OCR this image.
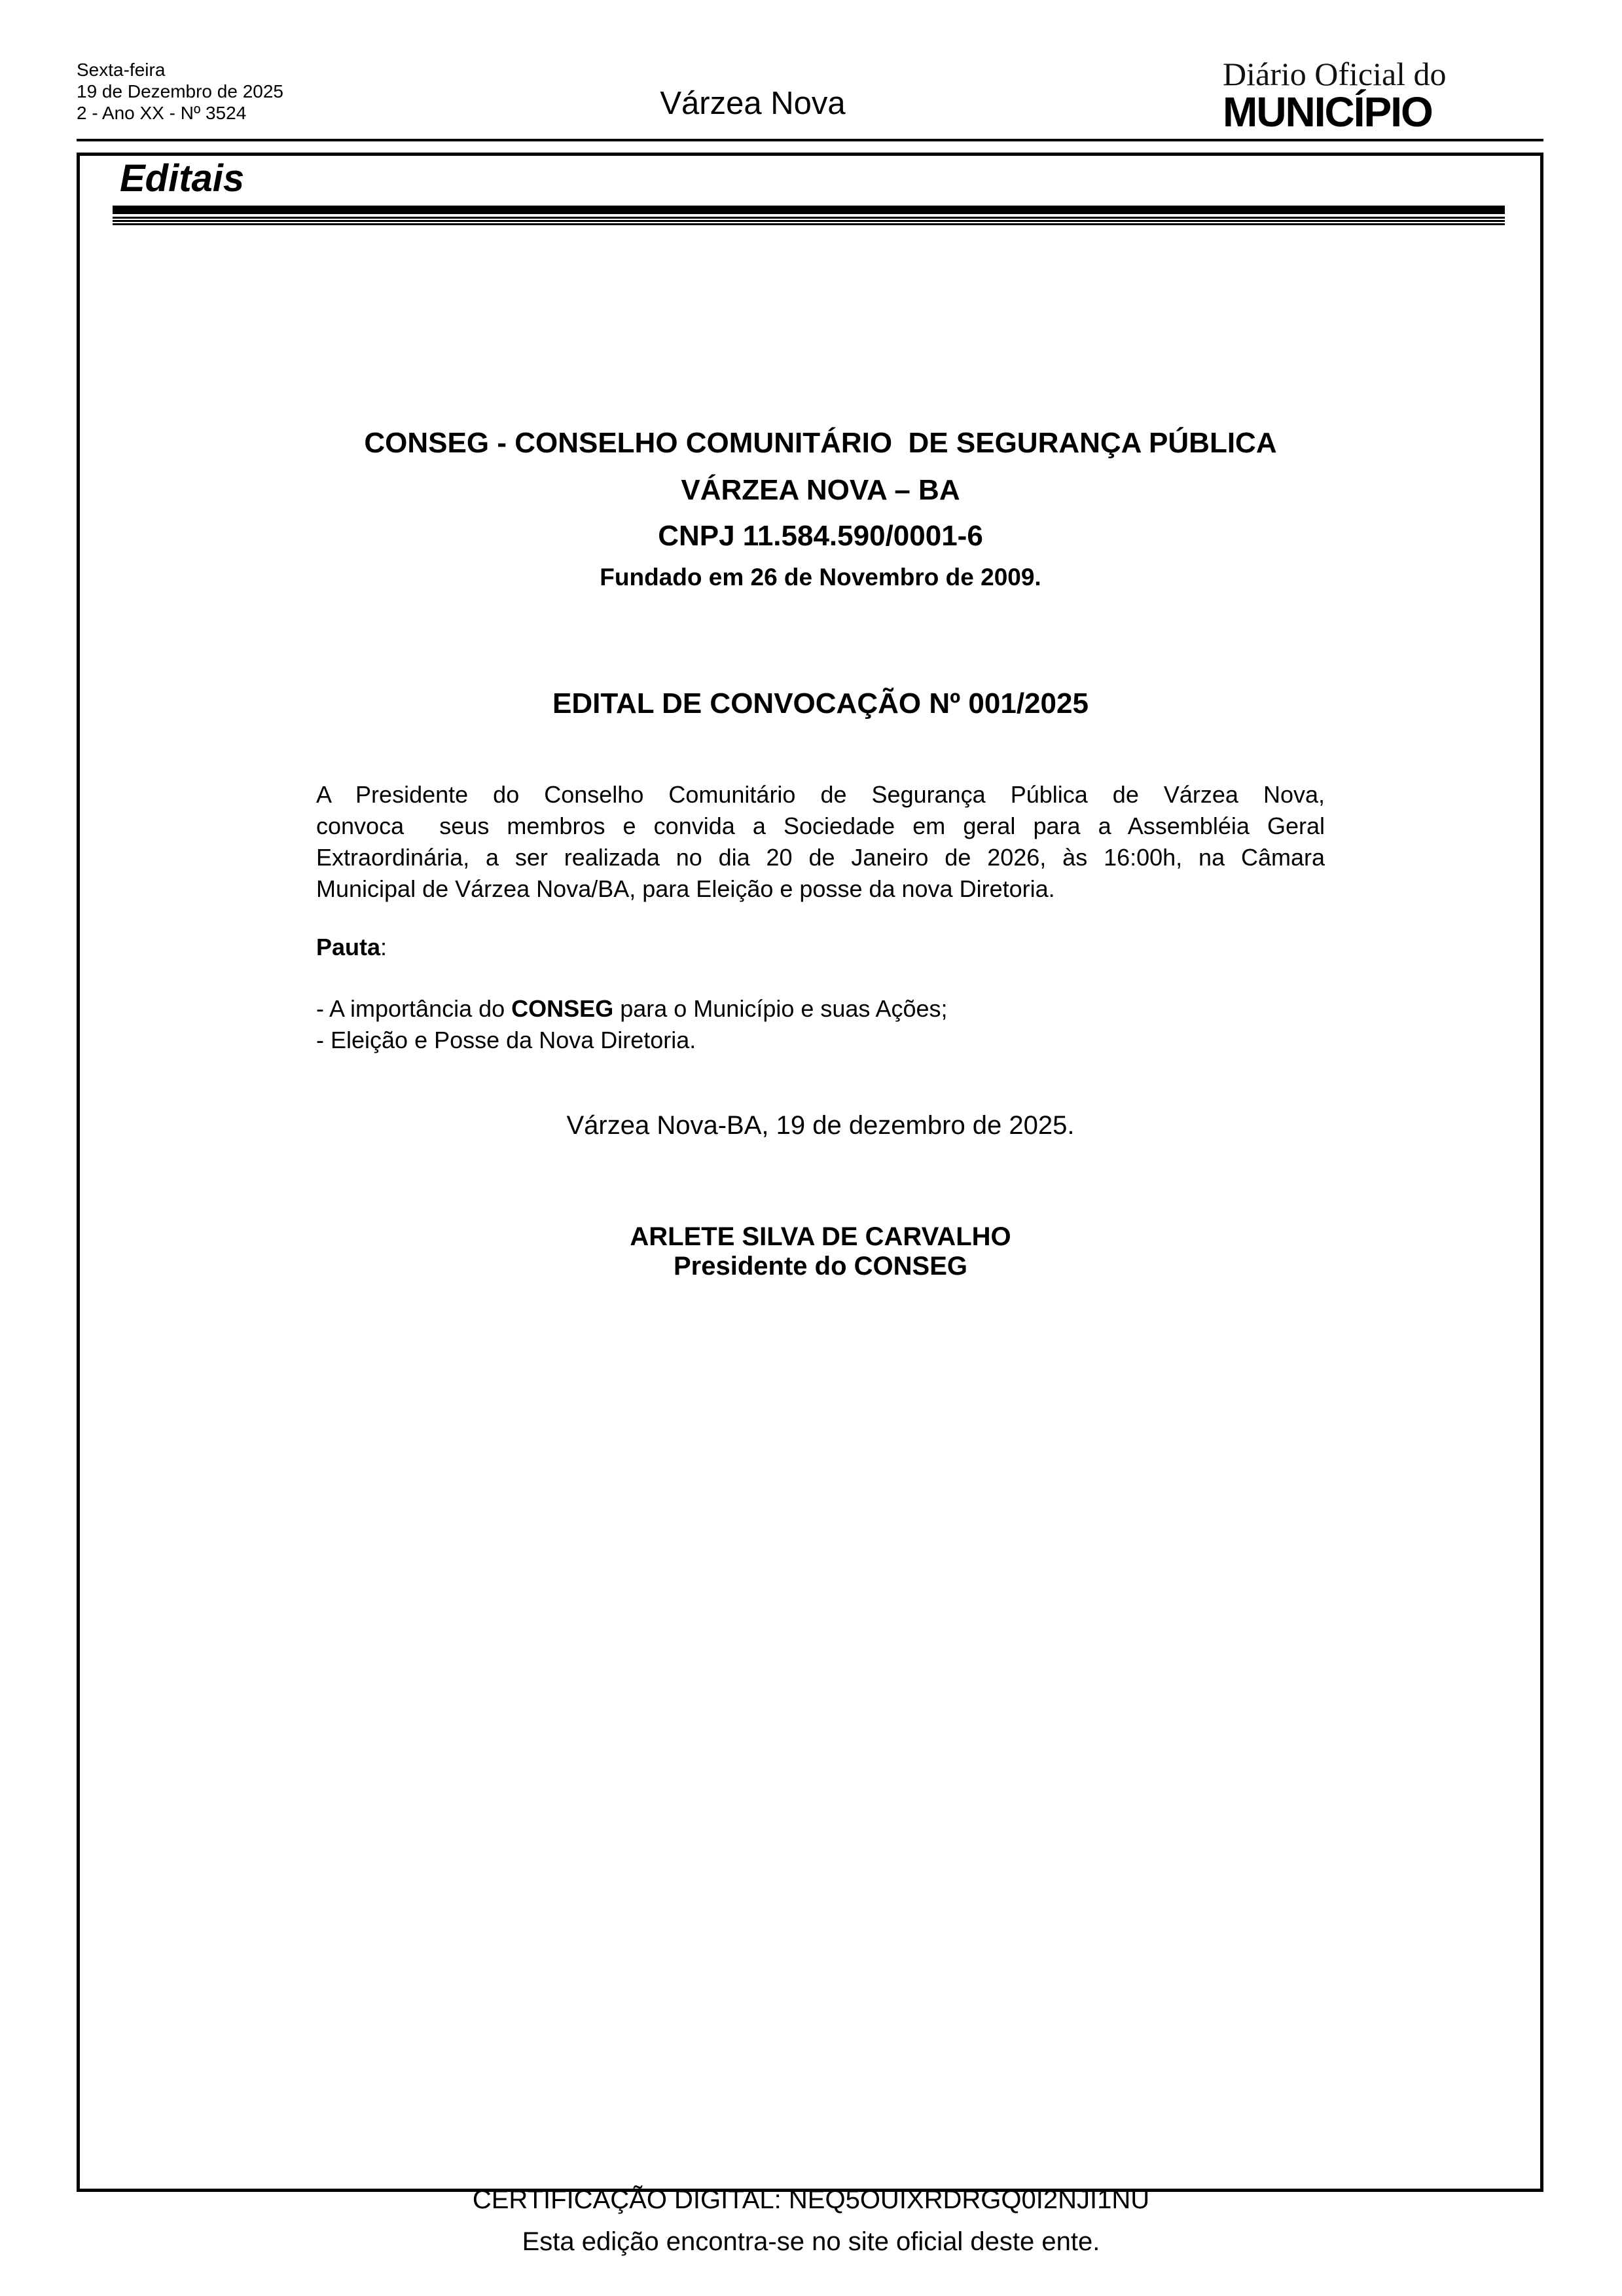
Sexta-feira
19 de Dezembro de 2025
2 - Ano XX - Nº 3524	Várzea Nova
Diário Oficial do
MUNICÍPIO
Editais
CONSEG - CONSELHO COMUNITÁRIO  DE SEGURANÇA PÚBLICA
VÁRZEA NOVA – BA
CNPJ 11.584.590/0001-6
Fundado em 26 de Novembro de 2009.
EDITAL DE CONVOCAÇÃO Nº 001/2025
A Presidente do Conselho Comunitário de Segurança Pública de Várzea Nova,
convoca  seus membros e convida a Sociedade em geral para a Assembléia Geral
Extraordinária, a ser realizada no dia 20 de Janeiro de 2026, às 16:00h, na Câmara
Municipal de Várzea Nova/BA, para Eleição e posse da nova Diretoria.
Pauta:
- A importância do CONSEG para o Município e suas Ações;
- Eleição e Posse da Nova Diretoria.
Várzea Nova-BA, 19 de dezembro de 2025.
ARLETE SILVA DE CARVALHO
Presidente do CONSEG
CERTIFICAÇÃO DIGITAL: NEQ5OUIXRDRGQ0I2NJI1NU
Esta edição encontra-se no site oficial deste ente.
